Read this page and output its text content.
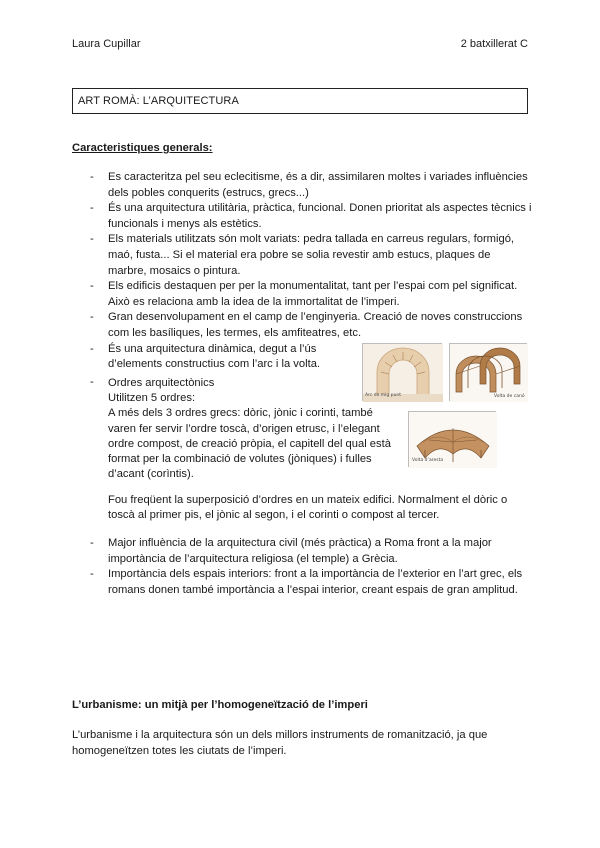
Laura Cupillar	2 batxillerat C
ART ROMÀ: L’ARQUITECTURA
Caracteristiques generals:
- Es caracteritza pel seu eclecitisme, és a dir, assimilaren moltes i variades influències dels pobles conquerits (estrucs, grecs...)
- És una arquitectura utilitària, pràctica, funcional. Donen prioritat als aspectes tècnics i funcionals i menys als estètics.
- Els materials utilitzats són molt variats: pedra tallada en carreus regulars, formigó, maó, fusta... Si el material era pobre se solia revestir amb estucs, plaques de marbre, mosaics o pintura.
- Els edificis destaquen per per la monumentalitat, tant per l’espai com pel significat. Això es relaciona amb la idea de la immortalitat de l’imperi.
- Gran desenvolupament en el camp de l’enginyeria. Creació de noves construccions com les basíliques, les termes, els amfiteatres, etc.
- És una arquitectura dinàmica, degut a l’ús d’elements constructius com l’arc i la volta.
- Ordres arquitectònics
Utilitzen 5 ordres:
A més dels 3 ordres grecs: dòric, jònic i corinti, també varen fer servir l’ordre toscà, d’origen etrusc, i l’elegant ordre compost, de creació pròpia, el capitell del qual està format per la combinació de volutes (jòniques) i fulles d’acant (corìntis).
Fou freqüent la superposició d’ordres en un mateix edifici. Normalment el dòric o toscà al primer pis, el jònic al segon, i el corinti o compost al tercer.
- Major influència de la arquitectura civil (més pràctica) a Roma front a la major importància de l’arquitectura religiosa (el temple) a Grècia.
- Importància dels espais interiors: front a la importància de l’exterior en l’art grec, els romans donen també importància a l’espai interior, creant espais de gran amplitud.
Arc de mig punt	Volta de canó
Volta d’aresta
L’urbanisme: un mitjà per l’homogeneïtzació de l’imperi
L’urbanisme i la arquitectura són un dels millors instruments de romanització, ja que homogeneïtzen totes les ciutats de l’imperi.
